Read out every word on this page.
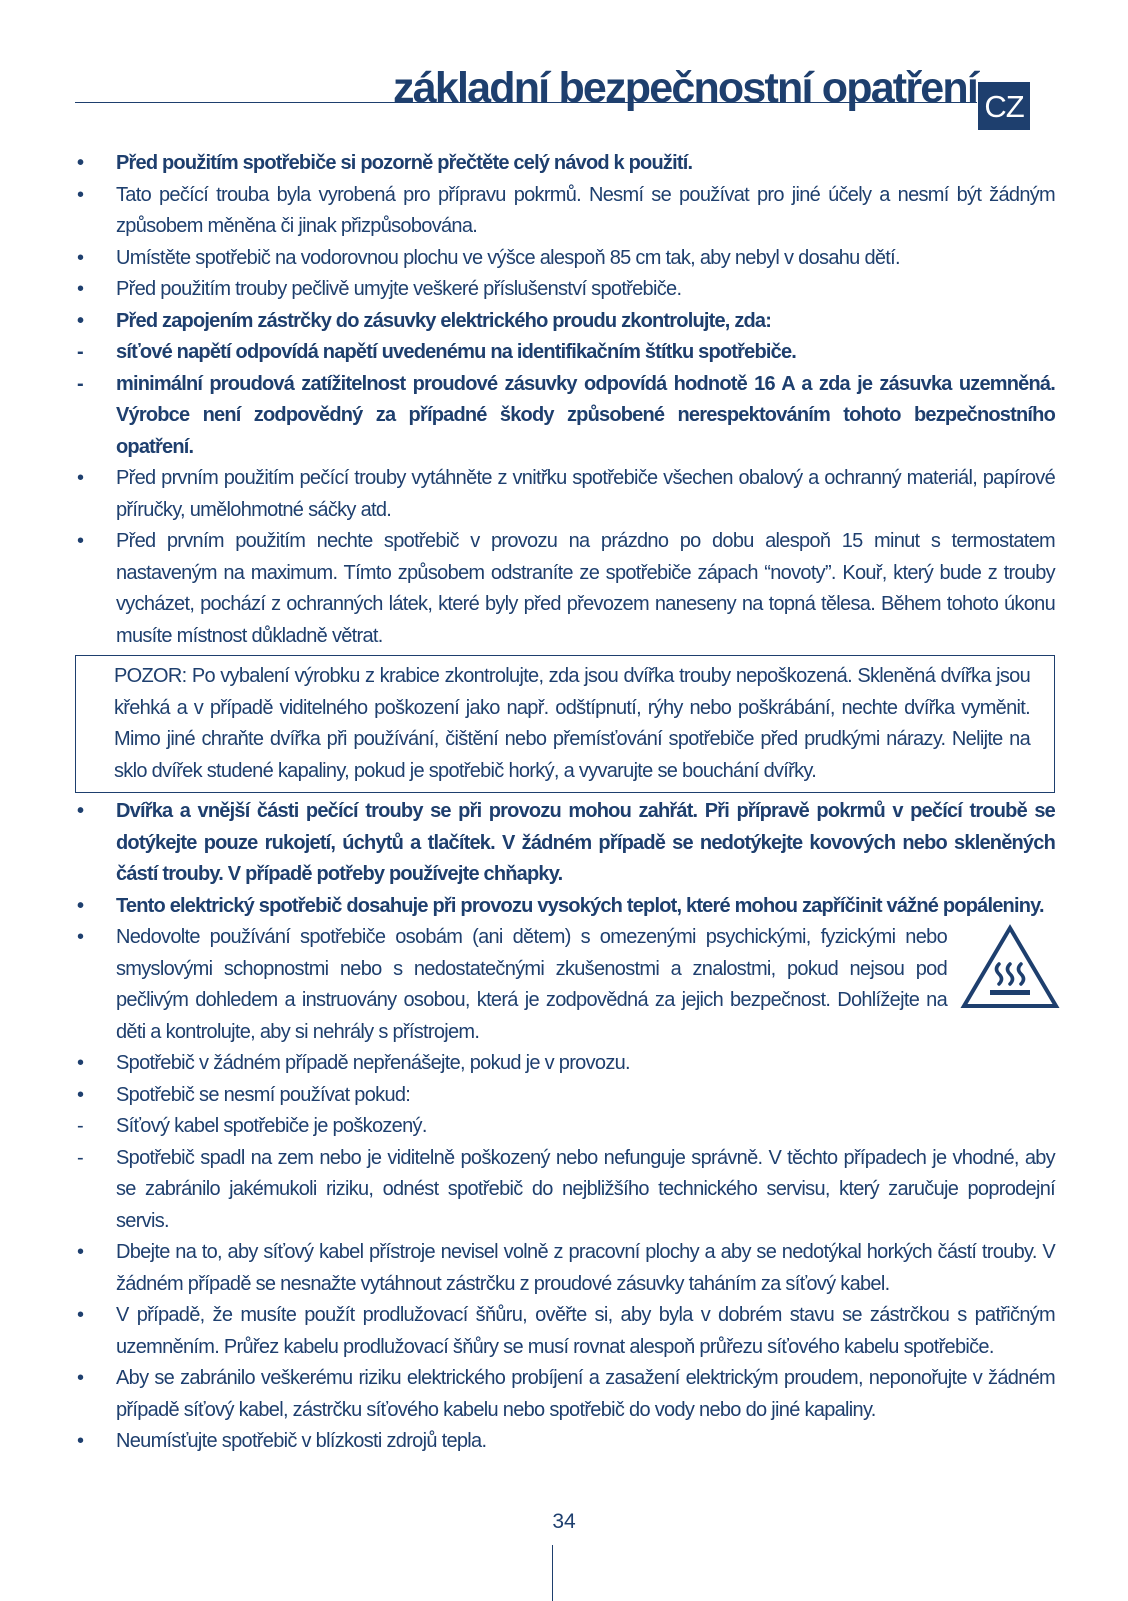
základní bezpečnostní opatření CZ
•	Před použitím spotřebiče si pozorně přečtěte celý návod k použití.
•	Tato pečící trouba byla vyrobená pro přípravu pokrmů. Nesmí se používat pro jiné účely a nesmí být žádným způsobem měněna či jinak přizpůsobována.
•	Umístěte spotřebič na vodorovnou plochu ve výšce alespoň 85 cm tak, aby nebyl v dosahu dětí.
•	Před použitím trouby pečlivě umyjte veškeré příslušenství spotřebiče.
•	Před zapojením zástrčky do zásuvky elektrického proudu zkontrolujte, zda:
-	síťové napětí odpovídá napětí uvedenému na identifikačním štítku spotřebiče.
-	minimální proudová zatížitelnost proudové zásuvky odpovídá hodnotě 16 A a zda je zásuvka uzemněná. Výrobce není zodpovědný za případné škody způsobené nerespektováním tohoto bezpečnostního opatření.
•	Před prvním použitím pečící trouby vytáhněte z vnitřku spotřebiče všechen obalový a ochranný materiál, papírové příručky, umělohmotné sáčky atd.
•	Před prvním použitím nechte spotřebič v provozu na prázdno po dobu alespoň 15 minut s termostatem nastaveným na maximum. Tímto způsobem odstraníte ze spotřebiče zápach “novoty”. Kouř, který bude z trouby vycházet, pochází z ochranných látek, které byly před převozem naneseny na topná tělesa. Během tohoto úkonu musíte místnost důkladně větrat.
POZOR: Po vybalení výrobku z krabice zkontrolujte, zda jsou dvířka trouby nepoškozená. Skleněná dvířka jsou křehká a v případě viditelného poškození jako např. odštípnutí, rýhy nebo poškrábání, nechte dvířka vyměnit. Mimo jiné chraňte dvířka při používání, čištění nebo přemísťování spotřebiče před prudkými nárazy. Nelijte na sklo dvířek studené kapaliny, pokud je spotřebič horký, a vyvarujte se bouchání dvířky.
•	Dvířka a vnější části pečící trouby se při provozu mohou zahřát. Při přípravě pokrmů v pečící troubě se dotýkejte pouze rukojetí, úchytů a tlačítek. V žádném případě se nedotýkejte kovových nebo skleněných částí trouby. V případě potřeby používejte chňapky.
•	Tento elektrický spotřebič dosahuje při provozu vysokých teplot, které mohou zapříčinit vážné popáleniny.
•	Nedovolte používání spotřebiče osobám (ani dětem) s omezenými psychickými, fyzickými nebo smyslovými schopnostmi nebo s nedostatečnými zkušenostmi a znalostmi, pokud nejsou pod pečlivým dohledem a instruovány osobou, která je zodpovědná za jejich bezpečnost. Dohlížejte na děti a kontrolujte, aby si nehrály s přístrojem.
•	Spotřebič v žádném případě nepřenášejte, pokud je v provozu.
•	Spotřebič se nesmí používat pokud:
-	Síťový kabel spotřebiče je poškozený.
-	Spotřebič spadl na zem nebo je viditelně poškozený nebo nefunguje správně. V těchto případech je vhodné, aby se zabránilo jakémukoli riziku, odnést spotřebič do nejbližšího technického servisu, který zaručuje poprodejní servis.
•	Dbejte na to, aby síťový kabel přístroje nevisel volně z pracovní plochy a aby se nedotýkal horkých částí trouby. V žádném případě se nesnažte vytáhnout zástrčku z proudové zásuvky taháním za síťový kabel.
•	V případě, že musíte použít prodlužovací šňůru, ověřte si, aby byla v dobrém stavu se zástrčkou s patřičným uzemněním. Průřez kabelu prodlužovací šňůry se musí rovnat alespoň průřezu síťového kabelu spotřebiče.
•	Aby se zabránilo veškerému riziku elektrického probíjení a zasažení elektrickým proudem, neponořujte v žádném případě síťový kabel, zástrčku síťového kabelu nebo spotřebič do vody nebo do jiné kapaliny.
•	Neumísťujte spotřebič v blízkosti zdrojů tepla.
34
